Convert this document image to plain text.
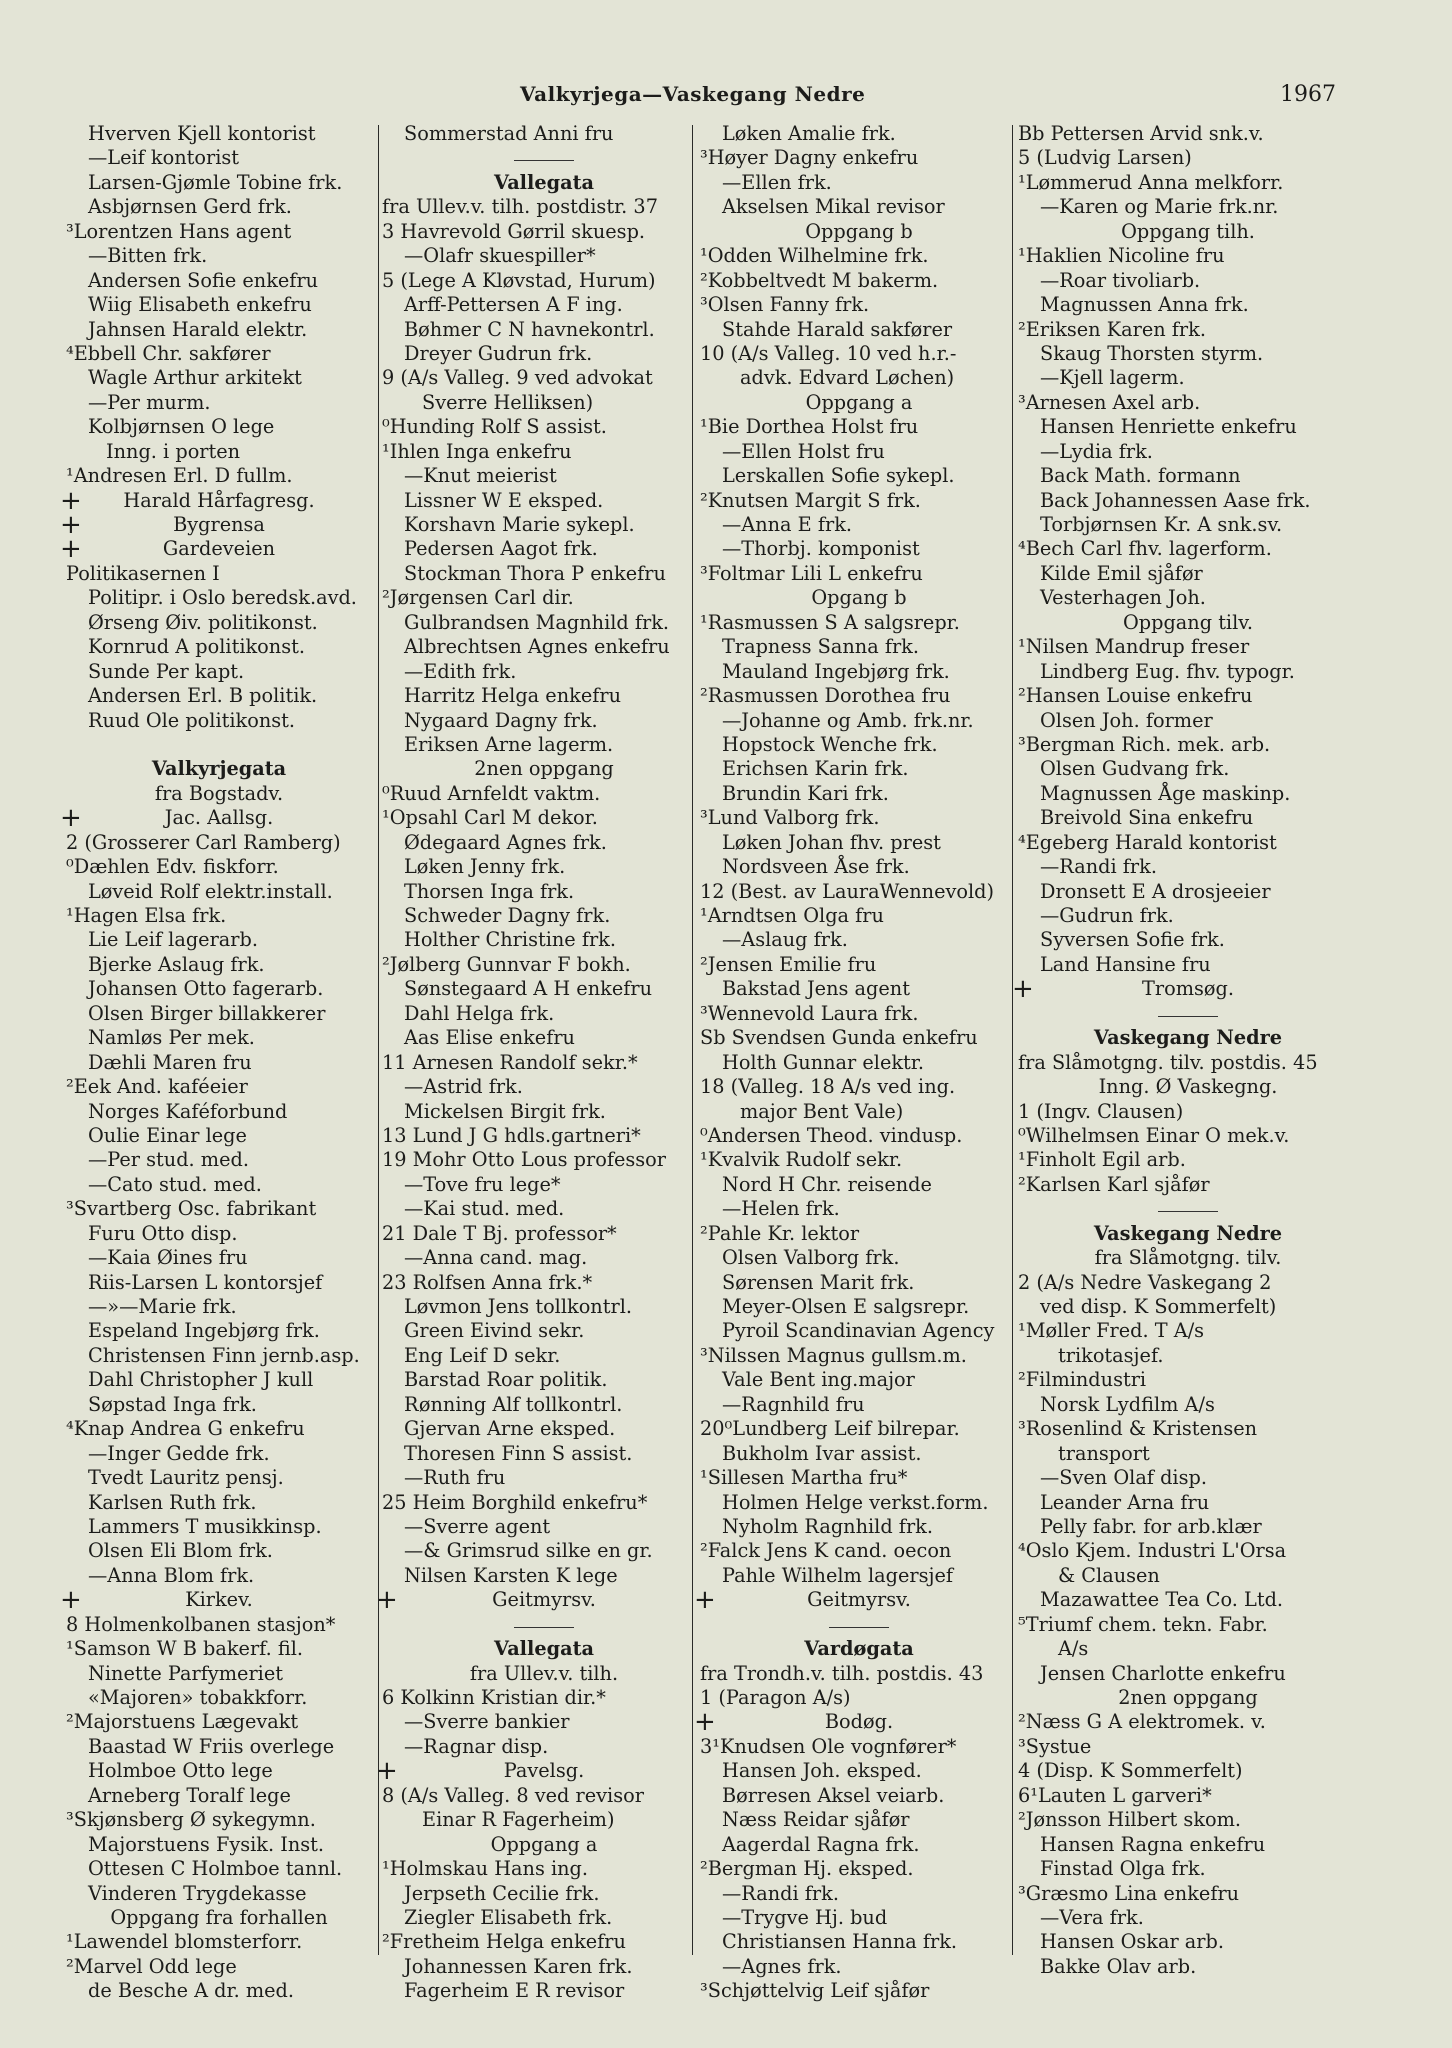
Valkyrjega—Vaskegang Nedre	1967
Hverven Kjell kontorist
—Leif kontorist
Larsen-Gjømle Tobine frk.
Asbjørnsen Gerd frk.
³Lorentzen Hans agent
—Bitten frk.
Andersen Sofie enkefru
Wiig Elisabeth enkefru
Jahnsen Harald elektr.
⁴Ebbell Chr. sakfører
Wagle Arthur arkitekt
—Per murm.
Kolbjørnsen O lege
Inng. i porten
¹Andresen Erl. D fullm.
+	Harald Hårfagresg.
+	Bygrensa
+	Gardeveien
Politikasernen I
Politipr. i Oslo beredsk.avd.
Ørseng Øiv. politikonst.
Kornrud A politikonst.
Sunde Per kapt.
Andersen Erl. B politik.
Ruud Ole politikonst.
Valkyrjegata
fra Bogstadv.
+	Jac. Aallsg.
2 (Grosserer Carl Ramberg)
⁰Dæhlen Edv. fiskforr.
Løveid Rolf elektr.install.
¹Hagen Elsa frk.
Lie Leif lagerarb.
Bjerke Aslaug frk.
Johansen Otto fagerarb.
Olsen Birger billakkerer
Namløs Per mek.
Dæhli Maren fru
²Eek And. kaféeier
Norges Kaféforbund
Oulie Einar lege
—Per stud. med.
—Cato stud. med.
³Svartberg Osc. fabrikant
Furu Otto disp.
—Kaia Øines fru
Riis-Larsen L kontorsjef
—»—Marie frk.
Espeland Ingebjørg frk.
Christensen Finn jernb.asp.
Dahl Christopher J kull
Søpstad Inga frk.
⁴Knap Andrea G enkefru
—Inger Gedde frk.
Tvedt Lauritz pensj.
Karlsen Ruth frk.
Lammers T musikkinsp.
Olsen Eli Blom frk.
—Anna Blom frk.
+	Kirkev.
8 Holmenkolbanen stasjon*
¹Samson W B bakerf. fil.
Ninette Parfymeriet
«Majoren» tobakkforr.
²Majorstuens Lægevakt
Baastad W Friis overlege
Holmboe Otto lege
Arneberg Toralf lege
³Skjønsberg Ø sykegymn.
Majorstuens Fysik. Inst.
Ottesen C Holmboe tannl.
Vinderen Trygdekasse
Oppgang fra forhallen
¹Lawendel blomsterforr.
²Marvel Odd lege
de Besche A dr. med.
Sommerstad Anni fru
Vallegata
fra Ullev.v. tilh. postdistr. 37
3 Havrevold Gørril skuesp.
—Olafr skuespiller*
5 (Lege A Kløvstad, Hurum)
Arff-Pettersen A F ing.
Bøhmer C N havnekontrl.
Dreyer Gudrun frk.
9 (A/s Valleg. 9 ved advokat
Sverre Helliksen)
⁰Hunding Rolf S assist.
¹Ihlen Inga enkefru
—Knut meierist
Lissner W E eksped.
Korshavn Marie sykepl.
Pedersen Aagot frk.
Stockman Thora P enkefru
²Jørgensen Carl dir.
Gulbrandsen Magnhild frk.
Albrechtsen Agnes enkefru
—Edith frk.
Harritz Helga enkefru
Nygaard Dagny frk.
Eriksen Arne lagerm.
2nen oppgang
⁰Ruud Arnfeldt vaktm.
¹Opsahl Carl M dekor.
Ødegaard Agnes frk.
Løken Jenny frk.
Thorsen Inga frk.
Schweder Dagny frk.
Holther Christine frk.
²Jølberg Gunnvar F bokh.
Sønstegaard A H enkefru
Dahl Helga frk.
Aas Elise enkefru
11 Arnesen Randolf sekr.*
—Astrid frk.
Mickelsen Birgit frk.
13 Lund J G hdls.gartneri*
19 Mohr Otto Lous professor
—Tove fru lege*
—Kai stud. med.
21 Dale T Bj. professor*
—Anna cand. mag.
23 Rolfsen Anna frk.*
Løvmon Jens tollkontrl.
Green Eivind sekr.
Eng Leif D sekr.
Barstad Roar politik.
Rønning Alf tollkontrl.
Gjervan Arne eksped.
Thoresen Finn S assist.
—Ruth fru
25 Heim Borghild enkefru*
—Sverre agent
—& Grimsrud silke en gr.
Nilsen Karsten K lege
+	Geitmyrsv.
Vallegata
fra Ullev.v. tilh.
6 Kolkinn Kristian dir.*
—Sverre bankier
—Ragnar disp.
+	Pavelsg.
8 (A/s Valleg. 8 ved revisor
Einar R Fagerheim)
Oppgang a
¹Holmskau Hans ing.
Jerpseth Cecilie frk.
Ziegler Elisabeth frk.
²Fretheim Helga enkefru
Johannessen Karen frk.
Fagerheim E R revisor
Løken Amalie frk.
³Høyer Dagny enkefru
—Ellen frk.
Akselsen Mikal revisor
Oppgang b
¹Odden Wilhelmine frk.
²Kobbeltvedt M bakerm.
³Olsen Fanny frk.
Stahde Harald sakfører
10 (A/s Valleg. 10 ved h.r.-
advk. Edvard Løchen)
Oppgang a
¹Bie Dorthea Holst fru
—Ellen Holst fru
Lerskallen Sofie sykepl.
²Knutsen Margit S frk.
—Anna E frk.
—Thorbj. komponist
³Foltmar Lili L enkefru
Opgang b
¹Rasmussen S A salgsrepr.
Trapness Sanna frk.
Mauland Ingebjørg frk.
²Rasmussen Dorothea fru
—Johanne og Amb. frk.nr.
Hopstock Wenche frk.
Erichsen Karin frk.
Brundin Kari frk.
³Lund Valborg frk.
Løken Johan fhv. prest
Nordsveen Åse frk.
12 (Best. av LauraWennevold)
¹Arndtsen Olga fru
—Aslaug frk.
²Jensen Emilie fru
Bakstad Jens agent
³Wennevold Laura frk.
Sb Svendsen Gunda enkefru
Holth Gunnar elektr.
18 (Valleg. 18 A/s ved ing.
major Bent Vale)
⁰Andersen Theod. vindusp.
¹Kvalvik Rudolf sekr.
Nord H Chr. reisende
—Helen frk.
²Pahle Kr. lektor
Olsen Valborg frk.
Sørensen Marit frk.
Meyer-Olsen E salgsrepr.
Pyroil Scandinavian Agency
³Nilssen Magnus gullsm.m.
Vale Bent ing.major
—Ragnhild fru
20⁰Lundberg Leif bilrepar.
Bukholm Ivar assist.
¹Sillesen Martha fru*
Holmen Helge verkst.form.
Nyholm Ragnhild frk.
²Falck Jens K cand. oecon
Pahle Wilhelm lagersjef
+	Geitmyrsv.
Vardøgata
fra Trondh.v. tilh. postdis. 43
1 (Paragon A/s)
+	Bodøg.
3¹Knudsen Ole vognfører*
Hansen Joh. eksped.
Børresen Aksel veiarb.
Næss Reidar sjåfør
Aagerdal Ragna frk.
²Bergman Hj. eksped.
—Randi frk.
—Trygve Hj. bud
Christiansen Hanna frk.
—Agnes frk.
³Schjøttelvig Leif sjåfør
Bb Pettersen Arvid snk.v.
5 (Ludvig Larsen)
¹Lømmerud Anna melkforr.
—Karen og Marie frk.nr.
Oppgang tilh.
¹Haklien Nicoline fru
—Roar tivoliarb.
Magnussen Anna frk.
²Eriksen Karen frk.
Skaug Thorsten styrm.
—Kjell lagerm.
³Arnesen Axel arb.
Hansen Henriette enkefru
—Lydia frk.
Back Math. formann
Back Johannessen Aase frk.
Torbjørnsen Kr. A snk.sv.
⁴Bech Carl fhv. lagerform.
Kilde Emil sjåfør
Vesterhagen Joh.
Oppgang tilv.
¹Nilsen Mandrup freser
Lindberg Eug. fhv. typogr.
²Hansen Louise enkefru
Olsen Joh. former
³Bergman Rich. mek. arb.
Olsen Gudvang frk.
Magnussen Åge maskinp.
Breivold Sina enkefru
⁴Egeberg Harald kontorist
—Randi frk.
Dronsett E A drosjeeier
—Gudrun frk.
Syversen Sofie frk.
Land Hansine fru
+	Tromsøg.
Vaskegang Nedre
fra Slåmotgng. tilv. postdis. 45
Inng. Ø Vaskegng.
1 (Ingv. Clausen)
⁰Wilhelmsen Einar O mek.v.
¹Finholt Egil arb.
²Karlsen Karl sjåfør
Vaskegang Nedre
fra Slåmotgng. tilv.
2 (A/s Nedre Vaskegang 2
ved disp. K Sommerfelt)
¹Møller Fred. T A/s
trikotasjef.
²Filmindustri
Norsk Lydfilm A/s
³Rosenlind & Kristensen
transport
—Sven Olaf disp.
Leander Arna fru
Pelly fabr. for arb.klær
⁴Oslo Kjem. Industri L'Orsa
& Clausen
Mazawattee Tea Co. Ltd.
⁵Triumf chem. tekn. Fabr.
A/s
Jensen Charlotte enkefru
2nen oppgang
²Næss G A elektromek. v.
³Systue
4 (Disp. K Sommerfelt)
6¹Lauten L garveri*
²Jønsson Hilbert skom.
Hansen Ragna enkefru
Finstad Olga frk.
³Græsmo Lina enkefru
—Vera frk.
Hansen Oskar arb.
Bakke Olav arb.
